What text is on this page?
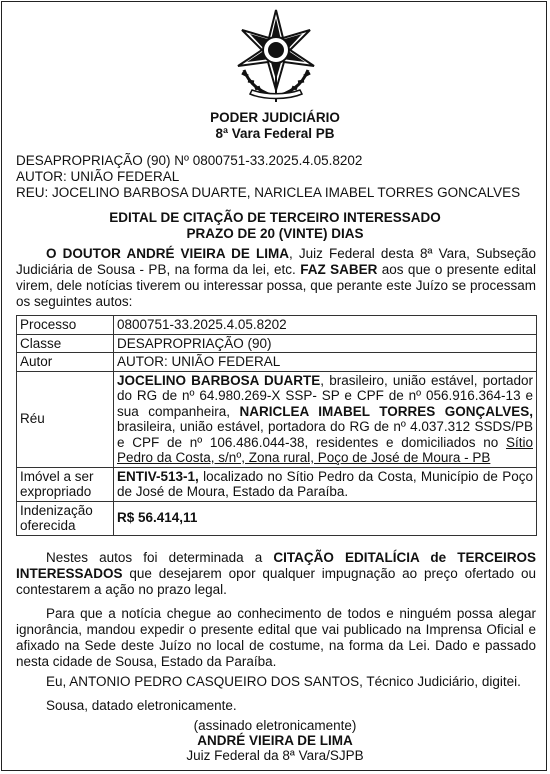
PODER JUDICIÁRIO
8ª Vara Federal PB
DESAPROPRIAÇÃO (90) Nº 0800751-33.2025.4.05.8202
AUTOR: UNIÃO FEDERAL
REU: JOCELINO BARBOSA DUARTE, NARICLEA IMABEL TORRES GONCALVES
EDITAL DE CITAÇÃO DE TERCEIRO INTERESSADO
PRAZO DE 20 (VINTE) DIAS
O DOUTOR ANDRÉ VIEIRA DE LIMA, Juiz Federal desta 8ª Vara, Subseção Judiciária de Sousa - PB, na forma da lei, etc. FAZ SABER aos que o presente edital virem, dele notícias tiverem ou interessar possa, que perante este Juízo se processam os seguintes autos:
Processo	0800751-33.2025.4.05.8202
Classe	DESAPROPRIAÇÃO (90)
Autor	AUTOR: UNIÃO FEDERAL
Réu	JOCELINO BARBOSA DUARTE, brasileiro, união estável, portador do RG de nº 64.980.269-X SSP- SP e CPF de nº 056.916.364-13 e sua companheira, NARICLEA IMABEL TORRES GONÇALVES, brasileira, união estável, portadora do RG de nº 4.037.312 SSDS/PB e CPF de nº 106.486.044-38, residentes e domiciliados no Sítio Pedro da Costa, s/nº, Zona rural, Poço de José de Moura - PB
Imóvel a ser expropriado	ENTIV-513-1, localizado no Sítio Pedro da Costa, Município de Poço de José de Moura, Estado da Paraíba.
Indenização oferecida	R$ 56.414,11
Nestes autos foi determinada a CITAÇÃO EDITALÍCIA de TERCEIROS INTERESSADOS que desejarem opor qualquer impugnação ao preço ofertado ou contestarem a ação no prazo legal.
Para que a notícia chegue ao conhecimento de todos e ninguém possa alegar ignorância, mandou expedir o presente edital que vai publicado na Imprensa Oficial e afixado na Sede deste Juízo no local de costume, na forma da Lei. Dado e passado nesta cidade de Sousa, Estado da Paraíba.
Eu, ANTONIO PEDRO CASQUEIRO DOS SANTOS, Técnico Judiciário, digitei.
Sousa, datado eletronicamente.
(assinado eletronicamente)
ANDRÉ VIEIRA DE LIMA
Juiz Federal da 8ª Vara/SJPB
